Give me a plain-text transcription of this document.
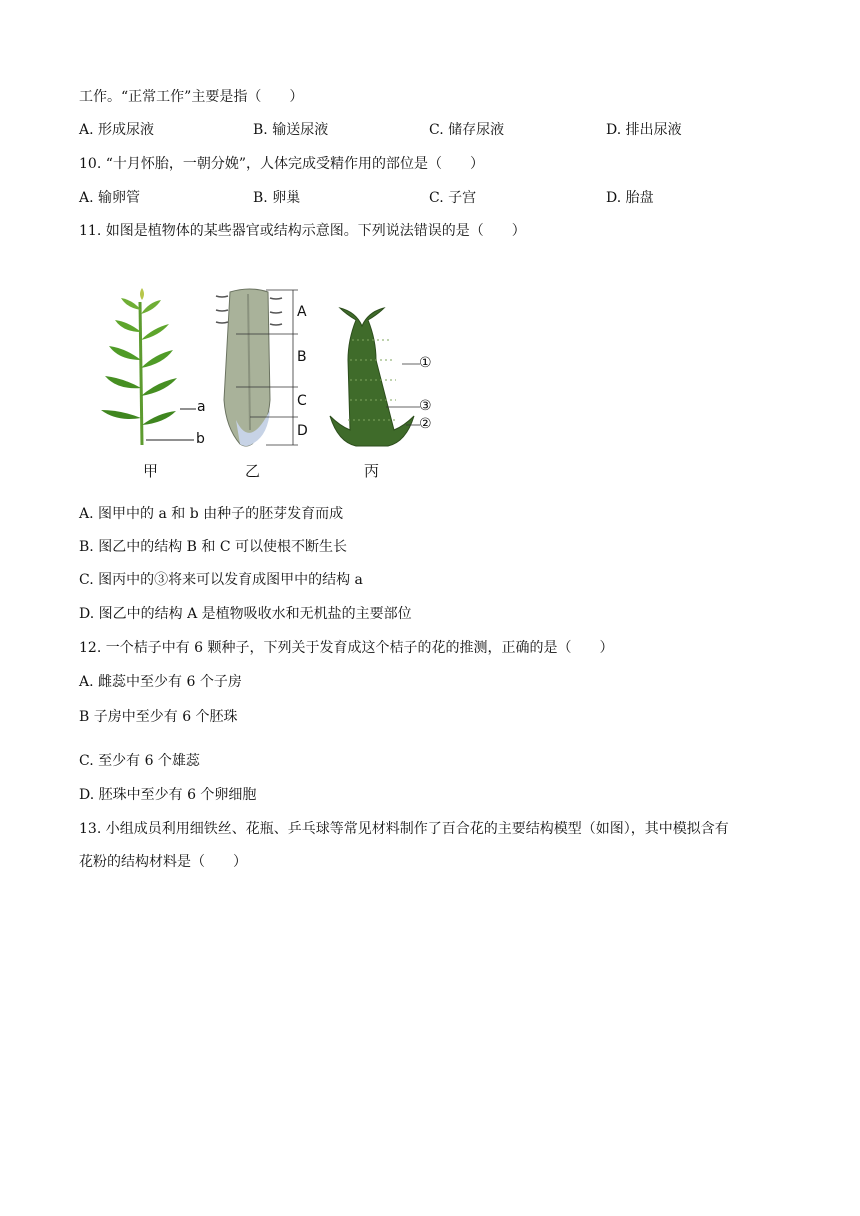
工作。“正常工作”主要是指（　　）
A. 形成尿液	B. 输送尿液	C. 储存尿液	D. 排出尿液
10. “十月怀胎，一朝分娩”，人体完成受精作用的部位是（　　）
A. 输卵管	B. 卵巢	C. 子宫	D. 胎盘
11. 如图是植物体的某些器官或结构示意图。下列说法错误的是（　　）
a
b
A
B
C
D
①
③
②
甲	乙	丙
A. 图甲中的 a 和 b 由种子的胚芽发育而成
B. 图乙中的结构 B 和 C 可以使根不断生长
C. 图丙中的③将来可以发育成图甲中的结构 a
D. 图乙中的结构 A 是植物吸收水和无机盐的主要部位
12. 一个桔子中有 6 颗种子，下列关于发育成这个桔子的花的推测，正确的是（　　）
A. 雌蕊中至少有 6 个子房
B 子房中至少有 6 个胚珠
C. 至少有 6 个雄蕊
D. 胚珠中至少有 6 个卵细胞
13. 小组成员利用细铁丝、花瓶、乒乓球等常见材料制作了百合花的主要结构模型（如图），其中模拟含有
花粉的结构材料是（　　）
